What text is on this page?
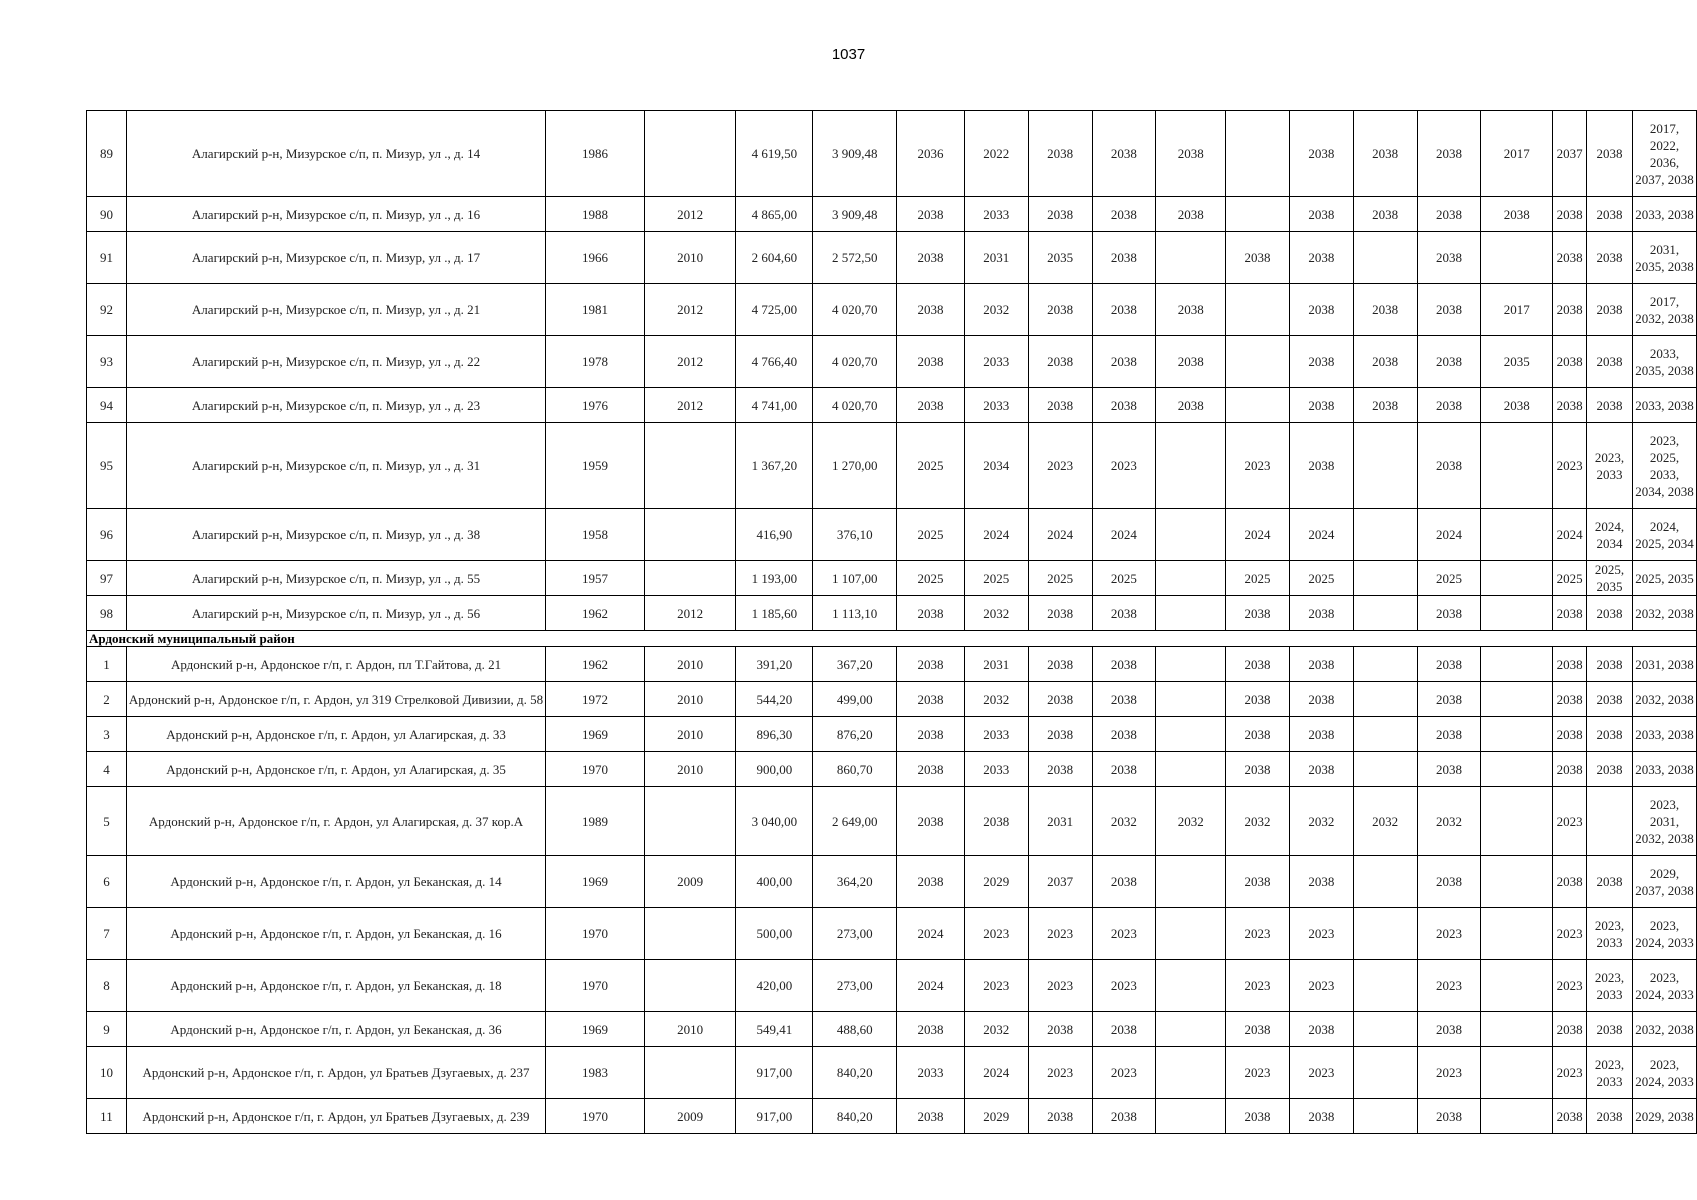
1037
89	Алагирский р-н, Мизурское с/п, п. Мизур, ул ., д. 14	1986		4 619,50	3 909,48	2036	2022	2038	2038	2038		2038	2038	2038	2017	2037	2038	2017, 2022, 2036, 2037, 2038
90	Алагирский р-н, Мизурское с/п, п. Мизур, ул ., д. 16	1988	2012	4 865,00	3 909,48	2038	2033	2038	2038	2038		2038	2038	2038	2038	2038	2038	2033, 2038
91	Алагирский р-н, Мизурское с/п, п. Мизур, ул ., д. 17	1966	2010	2 604,60	2 572,50	2038	2031	2035	2038		2038	2038		2038		2038	2038	2031, 2035, 2038
92	Алагирский р-н, Мизурское с/п, п. Мизур, ул ., д. 21	1981	2012	4 725,00	4 020,70	2038	2032	2038	2038	2038		2038	2038	2038	2017	2038	2038	2017, 2032, 2038
93	Алагирский р-н, Мизурское с/п, п. Мизур, ул ., д. 22	1978	2012	4 766,40	4 020,70	2038	2033	2038	2038	2038		2038	2038	2038	2035	2038	2038	2033, 2035, 2038
94	Алагирский р-н, Мизурское с/п, п. Мизур, ул ., д. 23	1976	2012	4 741,00	4 020,70	2038	2033	2038	2038	2038		2038	2038	2038	2038	2038	2038	2033, 2038
95	Алагирский р-н, Мизурское с/п, п. Мизур, ул ., д. 31	1959		1 367,20	1 270,00	2025	2034	2023	2023		2023	2038		2038		2023	2023, 2033	2023, 2025, 2033, 2034, 2038
96	Алагирский р-н, Мизурское с/п, п. Мизур, ул ., д. 38	1958		416,90	376,10	2025	2024	2024	2024		2024	2024		2024		2024	2024, 2034	2024, 2025, 2034
97	Алагирский р-н, Мизурское с/п, п. Мизур, ул ., д. 55	1957		1 193,00	1 107,00	2025	2025	2025	2025		2025	2025		2025		2025	2025, 2035	2025, 2035
98	Алагирский р-н, Мизурское с/п, п. Мизур, ул ., д. 56	1962	2012	1 185,60	1 113,10	2038	2032	2038	2038		2038	2038		2038		2038	2038	2032, 2038
Ардонский муниципальный район																		
1	Ардонский р-н, Ардонское г/п, г. Ардон, пл Т.Гайтова, д. 21	1962	2010	391,20	367,20	2038	2031	2038	2038		2038	2038		2038		2038	2038	2031, 2038
2	Ардонский р-н, Ардонское г/п, г. Ардон, ул 319 Стрелковой Дивизии, д. 58	1972	2010	544,20	499,00	2038	2032	2038	2038		2038	2038		2038		2038	2038	2032, 2038
3	Ардонский р-н, Ардонское г/п, г. Ардон, ул Алагирская, д. 33	1969	2010	896,30	876,20	2038	2033	2038	2038		2038	2038		2038		2038	2038	2033, 2038
4	Ардонский р-н, Ардонское г/п, г. Ардон, ул Алагирская, д. 35	1970	2010	900,00	860,70	2038	2033	2038	2038		2038	2038		2038		2038	2038	2033, 2038
5	Ардонский р-н, Ардонское г/п, г. Ардон, ул Алагирская, д. 37 кор.А	1989		3 040,00	2 649,00	2038	2038	2031	2032	2032	2032	2032	2032	2032		2023		2023, 2031, 2032, 2038
6	Ардонский р-н, Ардонское г/п, г. Ардон, ул Беканская, д. 14	1969	2009	400,00	364,20	2038	2029	2037	2038		2038	2038		2038		2038	2038	2029, 2037, 2038
7	Ардонский р-н, Ардонское г/п, г. Ардон, ул Беканская, д. 16	1970		500,00	273,00	2024	2023	2023	2023		2023	2023		2023		2023	2023, 2033	2023, 2024, 2033
8	Ардонский р-н, Ардонское г/п, г. Ардон, ул Беканская, д. 18	1970		420,00	273,00	2024	2023	2023	2023		2023	2023		2023		2023	2023, 2033	2023, 2024, 2033
9	Ардонский р-н, Ардонское г/п, г. Ардон, ул Беканская, д. 36	1969	2010	549,41	488,60	2038	2032	2038	2038		2038	2038		2038		2038	2038	2032, 2038
10	Ардонский р-н, Ардонское г/п, г. Ардон, ул Братьев Дзугаевых, д. 237	1983		917,00	840,20	2033	2024	2023	2023		2023	2023		2023		2023	2023, 2033	2023, 2024, 2033
11	Ардонский р-н, Ардонское г/п, г. Ардон, ул Братьев Дзугаевых, д. 239	1970	2009	917,00	840,20	2038	2029	2038	2038		2038	2038		2038		2038	2038	2029, 2038
